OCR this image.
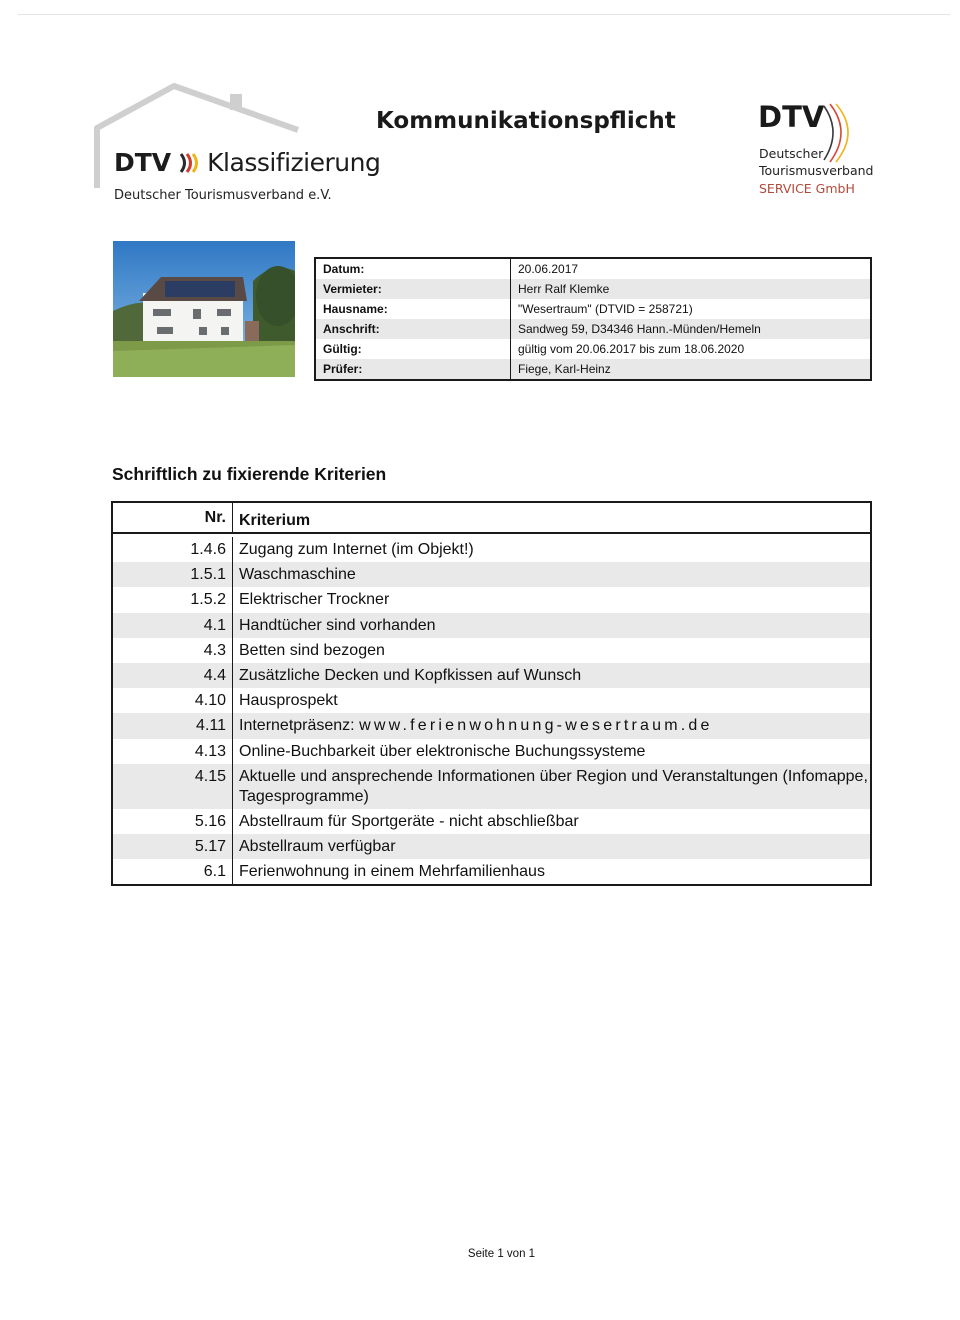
DTV Klassifizierung
Deutscher Tourismusverband e.V.
Kommunikationspflicht	DTV
Deutscher
Tourismusverband
SERVICE GmbH
Datum:	20.06.2017
Vermieter:	Herr Ralf Klemke
Hausname:	"Wesertraum" (DTVID = 258721)
Anschrift:	Sandweg 59, D34346 Hann.-Münden/Hemeln
Gültig:	gültig vom 20.06.2017 bis zum 18.06.2020
Prüfer:	Fiege, Karl-Heinz
Schriftlich zu fixierende Kriterien
Nr. Kriterium
1.4.6 Zugang zum Internet (im Objekt!)
1.5.1 Waschmaschine
1.5.2 Elektrischer Trockner
4.1 Handtücher sind vorhanden
4.3 Betten sind bezogen
4.4 Zusätzliche Decken und Kopfkissen auf Wunsch
4.10 Hausprospekt
4.11 Internetpräsenz: www.ferienwohnung-wesertraum.de
4.13 Online-Buchbarkeit über elektronische Buchungssysteme
4.15 Aktuelle und ansprechende Informationen über Region und Veranstaltungen (Infomappe, Tagesprogramme)
5.16 Abstellraum für Sportgeräte - nicht abschließbar
5.17 Abstellraum verfügbar
6.1 Ferienwohnung in einem Mehrfamilienhaus
Seite 1 von 1
